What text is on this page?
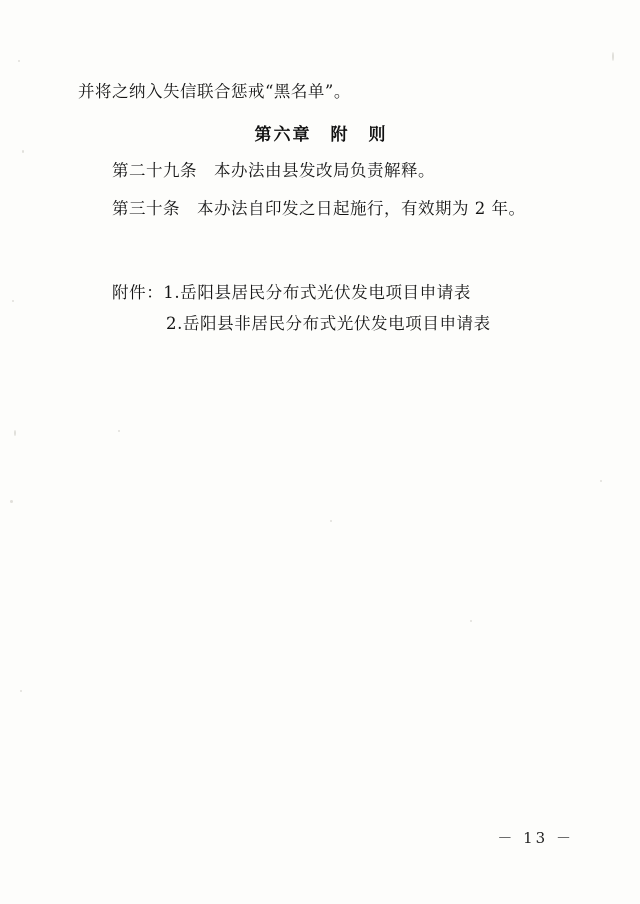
并将之纳入失信联合惩戒“黑名单”。
第六章　附　则
第二十九条　本办法由县发改局负责解释。
第三十条　本办法自印发之日起施行，有效期为 2 年。
附件：1.岳阳县居民分布式光伏发电项目申请表
2.岳阳县非居民分布式光伏发电项目申请表
－ 13 －
